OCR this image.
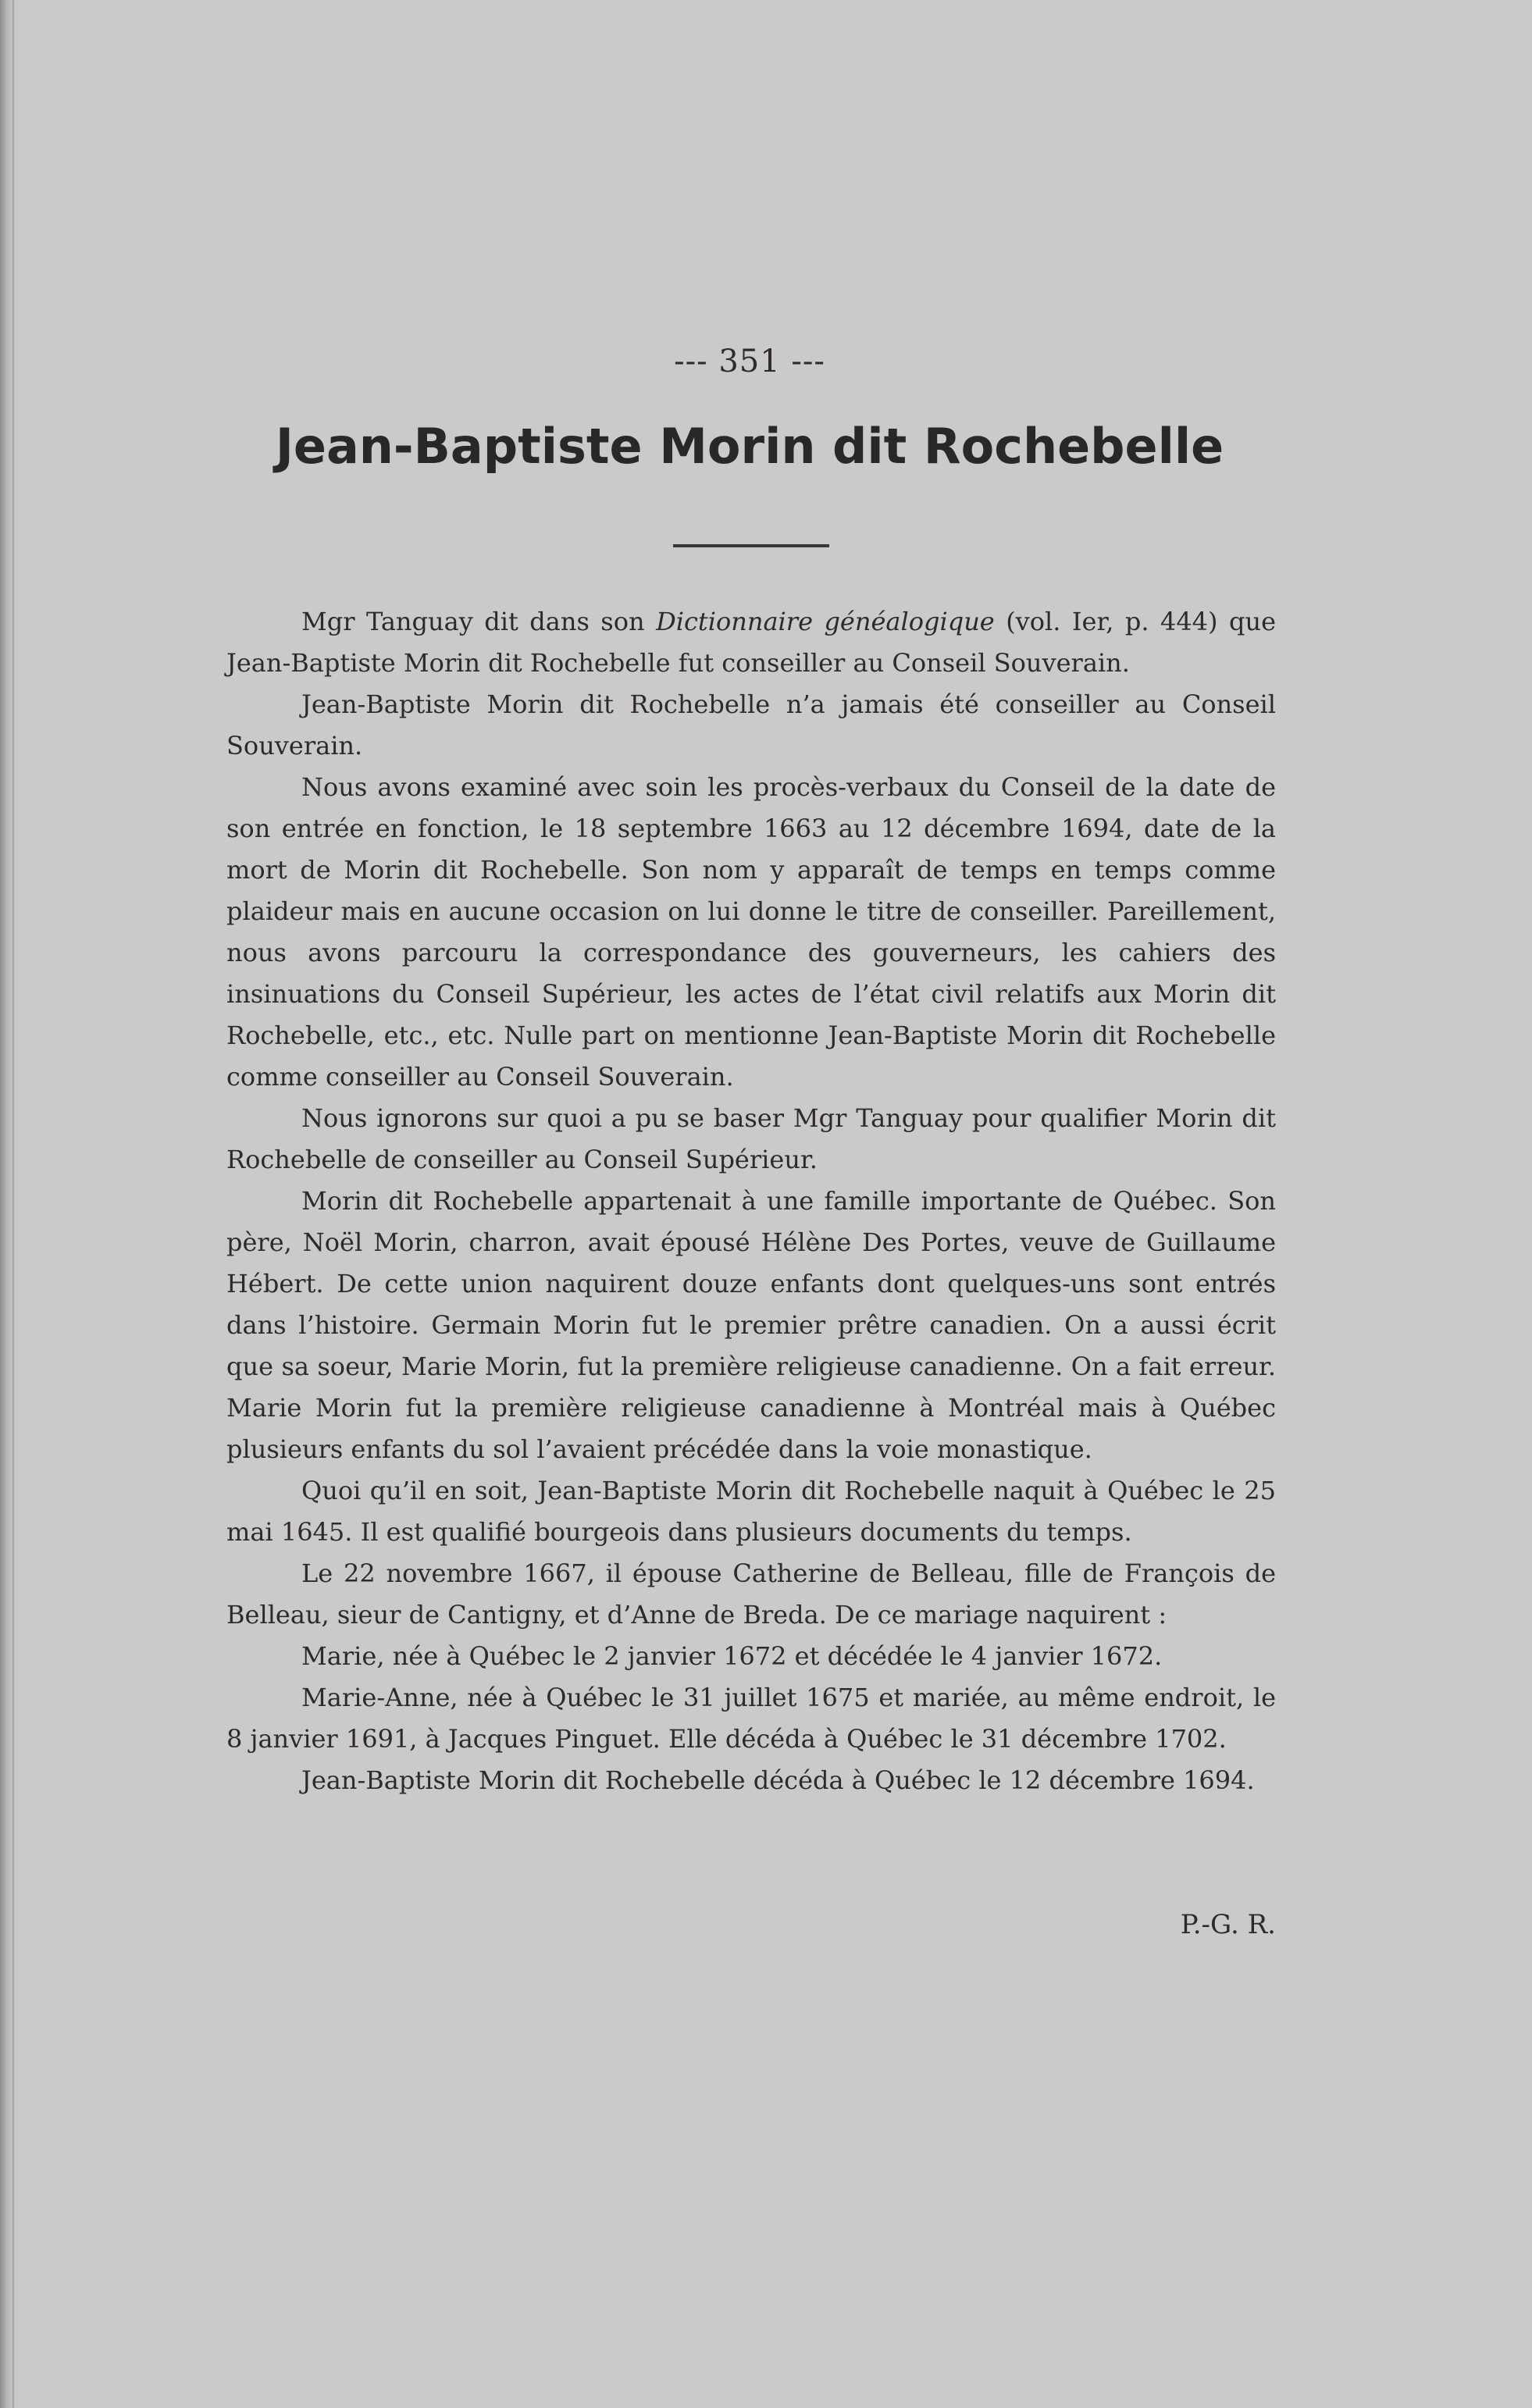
--- 351 ---
Jean-Baptiste Morin dit Rochebelle

Mgr Tanguay dit dans son Dictionnaire généalogique (vol. Ier, p. 444) que Jean-Baptiste Morin dit Rochebelle fut conseiller au Conseil Souverain.

Jean-Baptiste Morin dit Rochebelle n’a jamais été conseiller au Conseil Souverain.

Nous avons examiné avec soin les procès-verbaux du Conseil de la date de son entrée en fonction, le 18 septembre 1663 au 12 décembre 1694, date de la mort de Morin dit Rochebelle. Son nom y apparaît de temps en temps comme plaideur mais en aucune occasion on lui donne le titre de conseiller. Pareillement, nous avons parcouru la correspondance des gouverneurs, les cahiers des insinuations du Conseil Supérieur, les actes de l’état civil relatifs aux Morin dit Rochebelle, etc., etc. Nulle part on mentionne Jean-Baptiste Morin dit Rochebelle comme conseiller au Conseil Souverain.

Nous ignorons sur quoi a pu se baser Mgr Tanguay pour qualifier Morin dit Rochebelle de conseiller au Conseil Supérieur.

Morin dit Rochebelle appartenait à une famille importante de Québec. Son père, Noël Morin, charron, avait épousé Hélène Des Portes, veuve de Guillaume Hébert. De cette union naquirent douze enfants dont quelques-uns sont entrés dans l’histoire. Germain Morin fut le premier prêtre canadien. On a aussi écrit que sa soeur, Marie Morin, fut la première religieuse canadienne. On a fait erreur. Marie Morin fut la première religieuse canadienne à Montréal mais à Québec plusieurs enfants du sol l’avaient précédée dans la voie monastique.

Quoi qu’il en soit, Jean-Baptiste Morin dit Rochebelle naquit à Québec le 25 mai 1645. Il est qualifié bourgeois dans plusieurs documents du temps.

Le 22 novembre 1667, il épouse Catherine de Belleau, fille de François de Belleau, sieur de Cantigny, et d’Anne de Breda. De ce mariage naquirent :

Marie, née à Québec le 2 janvier 1672 et décédée le 4 janvier 1672.

Marie-Anne, née à Québec le 31 juillet 1675 et mariée, au même endroit, le 8 janvier 1691, à Jacques Pinguet. Elle décéda à Québec le 31 décembre 1702.

Jean-Baptiste Morin dit Rochebelle décéda à Québec le 12 décembre 1694.

P.-G. R.
